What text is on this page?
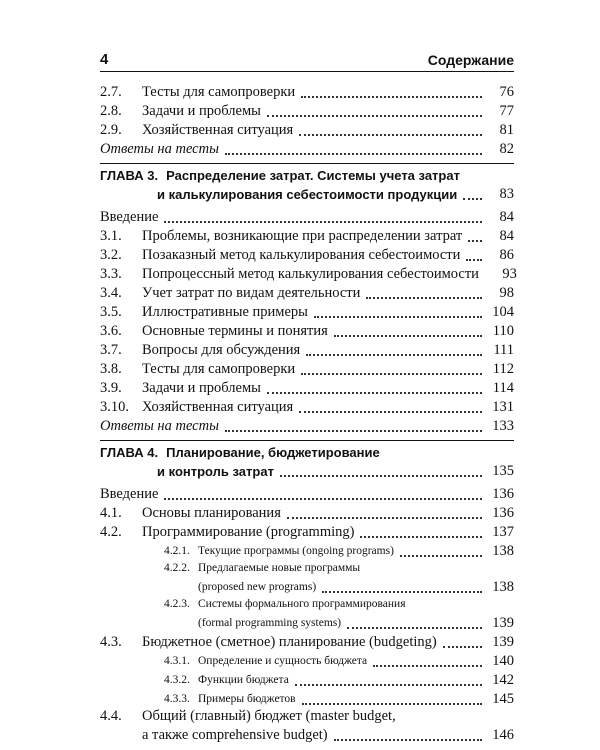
4	Содержание
2.7.	Тесты для самопроверки	76
2.8.	Задачи и проблемы	77
2.9.	Хозяйственная ситуация	81
Ответы на тесты	82
ГЛАВА 3. Распределение затрат. Системы учета затрат
и калькулирования себестоимости продукции	83
Введение	84
3.1.	Проблемы, возникающие при распределении затрат	84
3.2.	Позаказный метод калькулирования себестоимости	86
3.3.	Попроцессный метод калькулирования себестоимости	93
3.4.	Учет затрат по видам деятельности	98
3.5.	Иллюстративные примеры	104
3.6.	Основные термины и понятия	110
3.7.	Вопросы для обсуждения	111
3.8.	Тесты для самопроверки	112
3.9.	Задачи и проблемы	114
3.10. Хозяйственная ситуация	131
Ответы на тесты	133
ГЛАВА 4. Планирование, бюджетирование
и контроль затрат	135
Введение	136
4.1.	Основы планирования	136
4.2.	Программирование (programming)	137
4.2.1. Текущие программы (ongoing programs)	138
4.2.2. Предлагаемые новые программы
(proposed new programs)	138
4.2.3. Системы формального программирования
(formal programming systems)	139
4.3.	Бюджетное (сметное) планирование (budgeting)	139
4.3.1. Определение и сущность бюджета	140
4.3.2. Функции бюджета	142
4.3.3. Примеры бюджетов	145
4.4.	Общий (главный) бюджет (master budget,
а также comprehensive budget)	146
